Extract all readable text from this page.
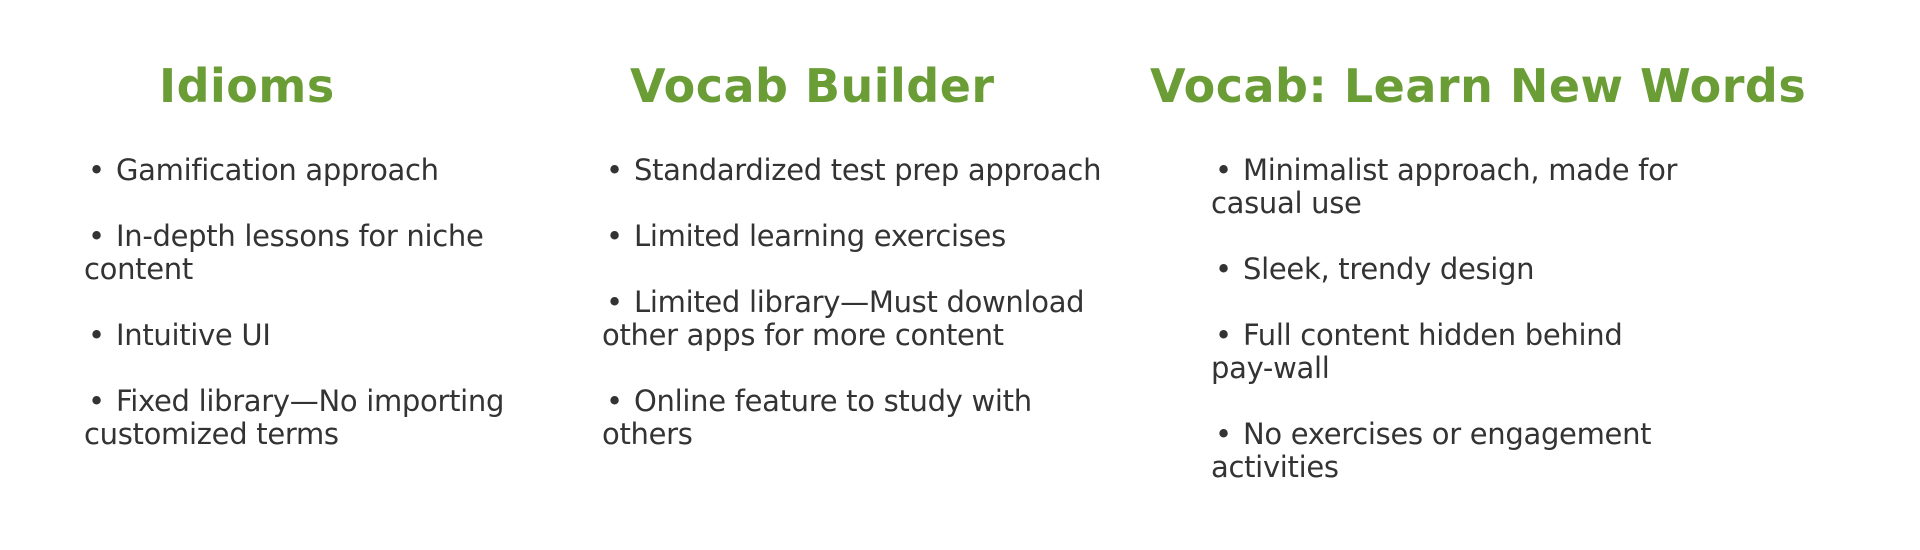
Idioms
• Gamification approach
• In-depth lessons for niche content
• Intuitive UI
• Fixed library—No importing customized terms
Vocab Builder
• Standardized test prep approach
• Limited learning exercises
• Limited library—Must download other apps for more content
• Online feature to study with others
Vocab: Learn New Words
• Minimalist approach, made for casual use
• Sleek, trendy design
• Full content hidden behind pay-wall
• No exercises or engagement activities
